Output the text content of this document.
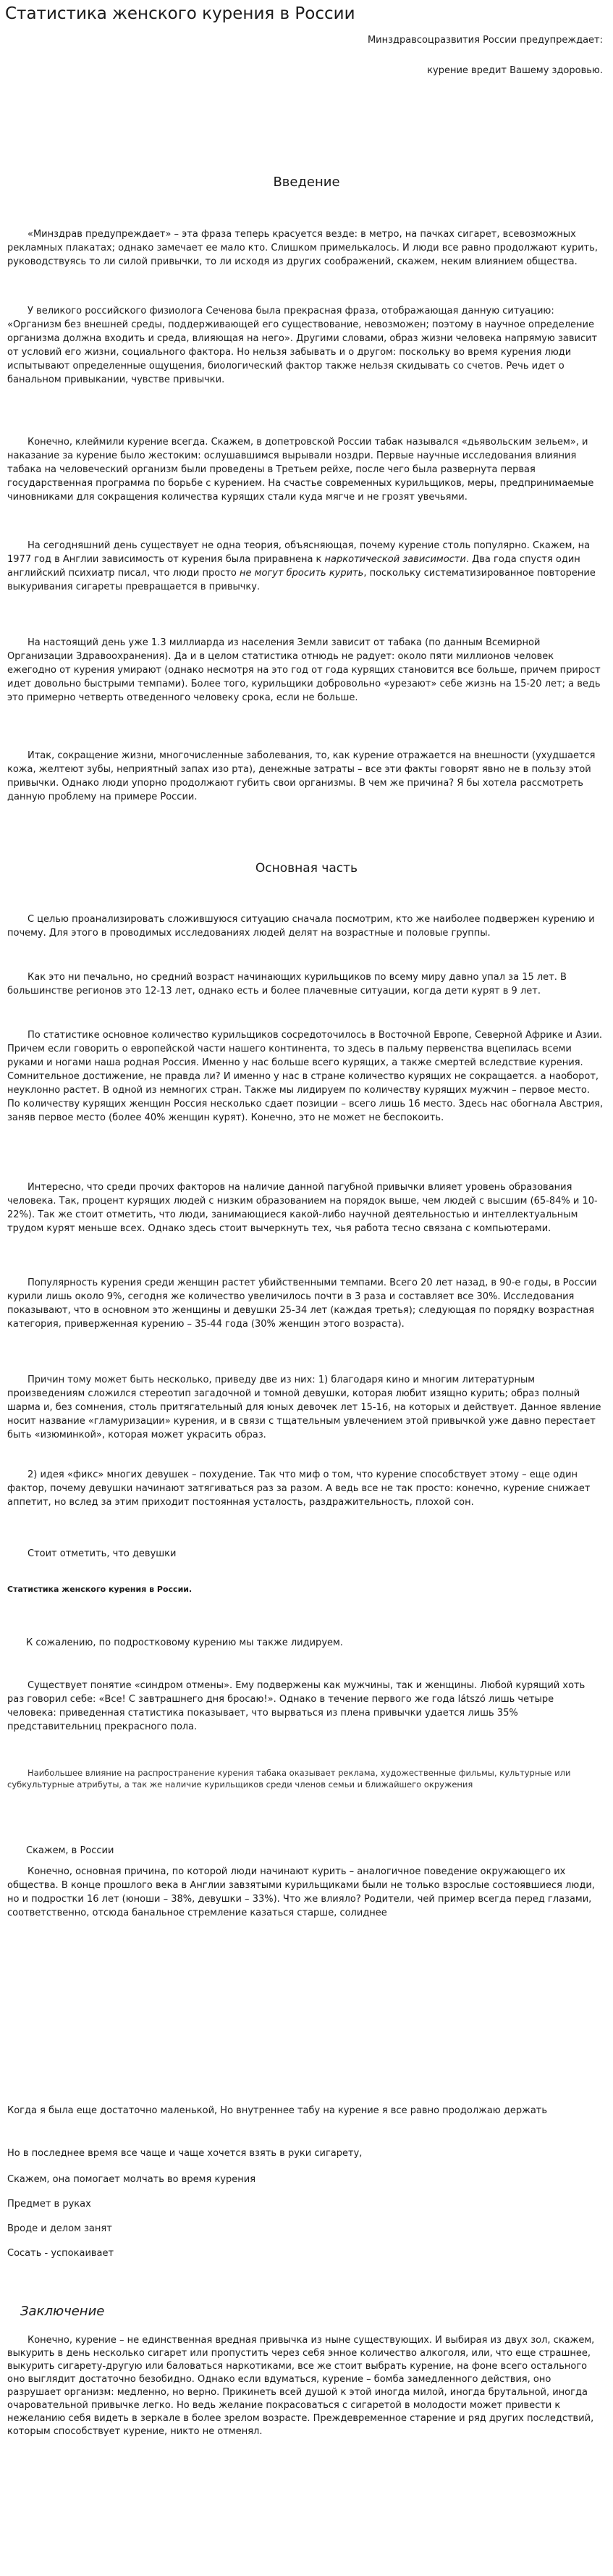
Статистика женского курения в России

Минздравсоцразвития России предупреждает:

курение вредит Вашему здоровью.

Введение

«Минздрав предупреждает» – эта фраза теперь красуется везде: в метро, на пачках сигарет, всевозможных рекламных плакатах; однако замечает ее мало кто. Слишком примелькалось. И люди все равно продолжают курить, руководствуясь то ли силой привычки, то ли исходя из других соображений, скажем, неким влиянием общества.

У великого российского физиолога Сеченова была прекрасная фраза, отображающая данную ситуацию: «Организм без внешней среды, поддерживающей его существование, невозможен; поэтому в научное определение организма должна входить и среда, влияющая на него». Другими словами, образ жизни человека напрямую зависит от условий его жизни, социального фактора. Но нельзя забывать и о другом: поскольку во время курения люди испытывают определенные ощущения, биологический фактор также нельзя скидывать со счетов. Речь идет о банальном привыкании, чувстве привычки.

Конечно, клеймили курение всегда. Скажем, в допетровской России табак назывался «дьявольским зельем», и наказание за курение было жестоким: ослушавшимся вырывали ноздри. Первые научные исследования влияния табака на человеческий организм были проведены в Третьем рейхе, после чего была развернута первая государственная программа по борьбе с курением. На счастье современных курильщиков, меры, предпринимаемые чиновниками для сокращения количества курящих стали куда мягче и не грозят увечьями.

На сегодняшний день существует не одна теория, объясняющая, почему курение столь популярно. Скажем, на 1977 год в Англии зависимость от курения была приравнена к наркотической зависимости. Два года спустя один английский психиатр писал, что люди просто не могут бросить курить, поскольку систематизированное повторение выкуривания сигареты превращается в привычку.

На настоящий день уже 1.3 миллиарда из населения Земли зависит от табака (по данным Всемирной Организации Здравоохранения). Да и в целом статистика отнюдь не радует: около пяти миллионов человек ежегодно от курения умирают (однако несмотря на это год от года курящих становится все больше, причем прирост идет довольно быстрыми темпами). Более того, курильщики добровольно «урезают» себе жизнь на 15-20 лет; а ведь это примерно четверть отведенного человеку срока, если не больше.

Итак, сокращение жизни, многочисленные заболевания, то, как курение отражается на внешности (ухудшается кожа, желтеют зубы, неприятный запах изо рта), денежные затраты – все эти факты говорят явно не в пользу этой привычки. Однако люди упорно продолжают губить свои организмы. В чем же причина? Я бы хотела рассмотреть данную проблему на примере России.

Основная часть

С целью проанализировать сложившуюся ситуацию сначала посмотрим, кто же наиболее подвержен курению и почему. Для этого в проводимых исследованиях людей делят на возрастные и половые группы.

Как это ни печально, но средний возраст начинающих курильщиков по всему миру давно упал за 15 лет. В большинстве регионов это 12-13 лет, однако есть и более плачевные ситуации, когда дети курят в 9 лет.

По статистике основное количество курильщиков сосредоточилось в Восточной Европе, Северной Африке и Азии. Причем если говорить о европейской части нашего континента, то здесь в пальму первенства вцепилась всеми руками и ногами наша родная Россия. Именно у нас больше всего курящих, а также смертей вследствие курения. Сомнительное достижение, не правда ли? И именно у нас в стране количество курящих не сокращается. а наоборот, неуклонно растет. В одной из немногих стран. Также мы лидируем по количеству курящих мужчин – первое место. По количеству курящих женщин Россия несколько сдает позиции – всего лишь 16 место. Здесь нас обогнала Австрия, заняв первое место (более 40% женщин курят). Конечно, это не может не беспокоить.

Интересно, что среди прочих факторов на наличие данной пагубной привычки влияет уровень образования человека. Так, процент курящих людей с низким образованием на порядок выше, чем людей с высшим (65-84% и 10-22%). Так же стоит отметить, что люди, занимающиеся какой-либо научной деятельностью и интеллектуальным трудом курят меньше всех. Однако здесь стоит вычеркнуть тех, чья работа тесно связана с компьютерами.

Популярность курения среди женщин растет убийственными темпами. Всего 20 лет назад, в 90-е годы, в России курили лишь около 9%, сегодня же количество увеличилось почти в 3 раза и составляет все 30%. Исследования показывают, что в основном это женщины и девушки 25-34 лет (каждая третья); следующая по порядку возрастная категория, приверженная курению – 35-44 года (30% женщин этого возраста).

Причин тому может быть несколько, приведу две из них: 1) благодаря кино и многим литературным произведениям сложился стереотип загадочной и томной девушки, которая любит изящно курить; образ полный шарма и, без сомнения, столь притягательный для юных девочек лет 15-16, на которых и действует. Данное явление носит название «гламуризации» курения, и в связи с тщательным увлечением этой привычкой уже давно перестает быть «изюминкой», которая может украсить образ.

2) идея «фикс» многих девушек – похудение. Так что миф о том, что курение способствует этому – еще один фактор, почему девушки начинают затягиваться раз за разом. А ведь все не так просто: конечно, курение снижает аппетит, но вслед за этим приходит постоянная усталость, раздражительность, плохой сон.

Стоит отметить, что девушки

Статистика женского курения в России.

К сожалению, по подростковому курению мы также лидируем.

Существует понятие «синдром отмены». Ему подвержены как мужчины, так и женщины. Любой курящий хоть раз говорил себе: «Все! С завтрашнего дня бросаю!». Однако в течение первого же года látszó лишь четыре человека: приведенная статистика показывает, что вырваться из плена привычки удается лишь 35% представительниц прекрасного пола.

Наибольшее влияние на распространение курения табака оказывает реклама, художественные фильмы, культурные или субкультурные атрибуты, а так же наличие курильщиков среди членов семьи и ближайшего окружения

Скажем, в России

Конечно, основная причина, по которой люди начинают курить – аналогичное поведение окружающего их общества. В конце прошлого века в Англии завзятыми курильщиками были не только взрослые состоявшиеся люди, но и подростки 16 лет (юноши – 38%, девушки – 33%). Что же влияло? Родители, чей пример всегда перед глазами, соответственно, отсюда банальное стремление казаться старше, солиднее

Когда я была еще достаточно маленькой, Но внутреннее табу на курение я все равно продолжаю держать

Но в последнее время все чаще и чаще хочется взять в руки сигарету,

Скажем, она помогает молчать во время курения

Предмет в руках

Вроде и делом занят

Сосать - успокаивает

Заключение

Конечно, курение – не единственная вредная привычка из ныне существующих. И выбирая из двух зол, скажем, выкурить в день несколько сигарет или пропустить через себя энное количество алкоголя, или, что еще страшнее, выкурить сигарету-другую или баловаться наркотиками, все же стоит выбрать курение, на фоне всего остального оно выглядит достаточно безобидно. Однако если вдуматься, курение – бомба замедленного действия, оно разрушает организм: медленно, но верно. Прикинеть всей душой к этой иногда милой, иногда брутальной, иногда очаровательной привычке легко. Но ведь желание покрасоваться с сигаретой в молодости может привести к нежеланию себя видеть в зеркале в более зрелом возрасте. Преждевременное старение и ряд других последствий, которым способствует курение, никто не отменял.
